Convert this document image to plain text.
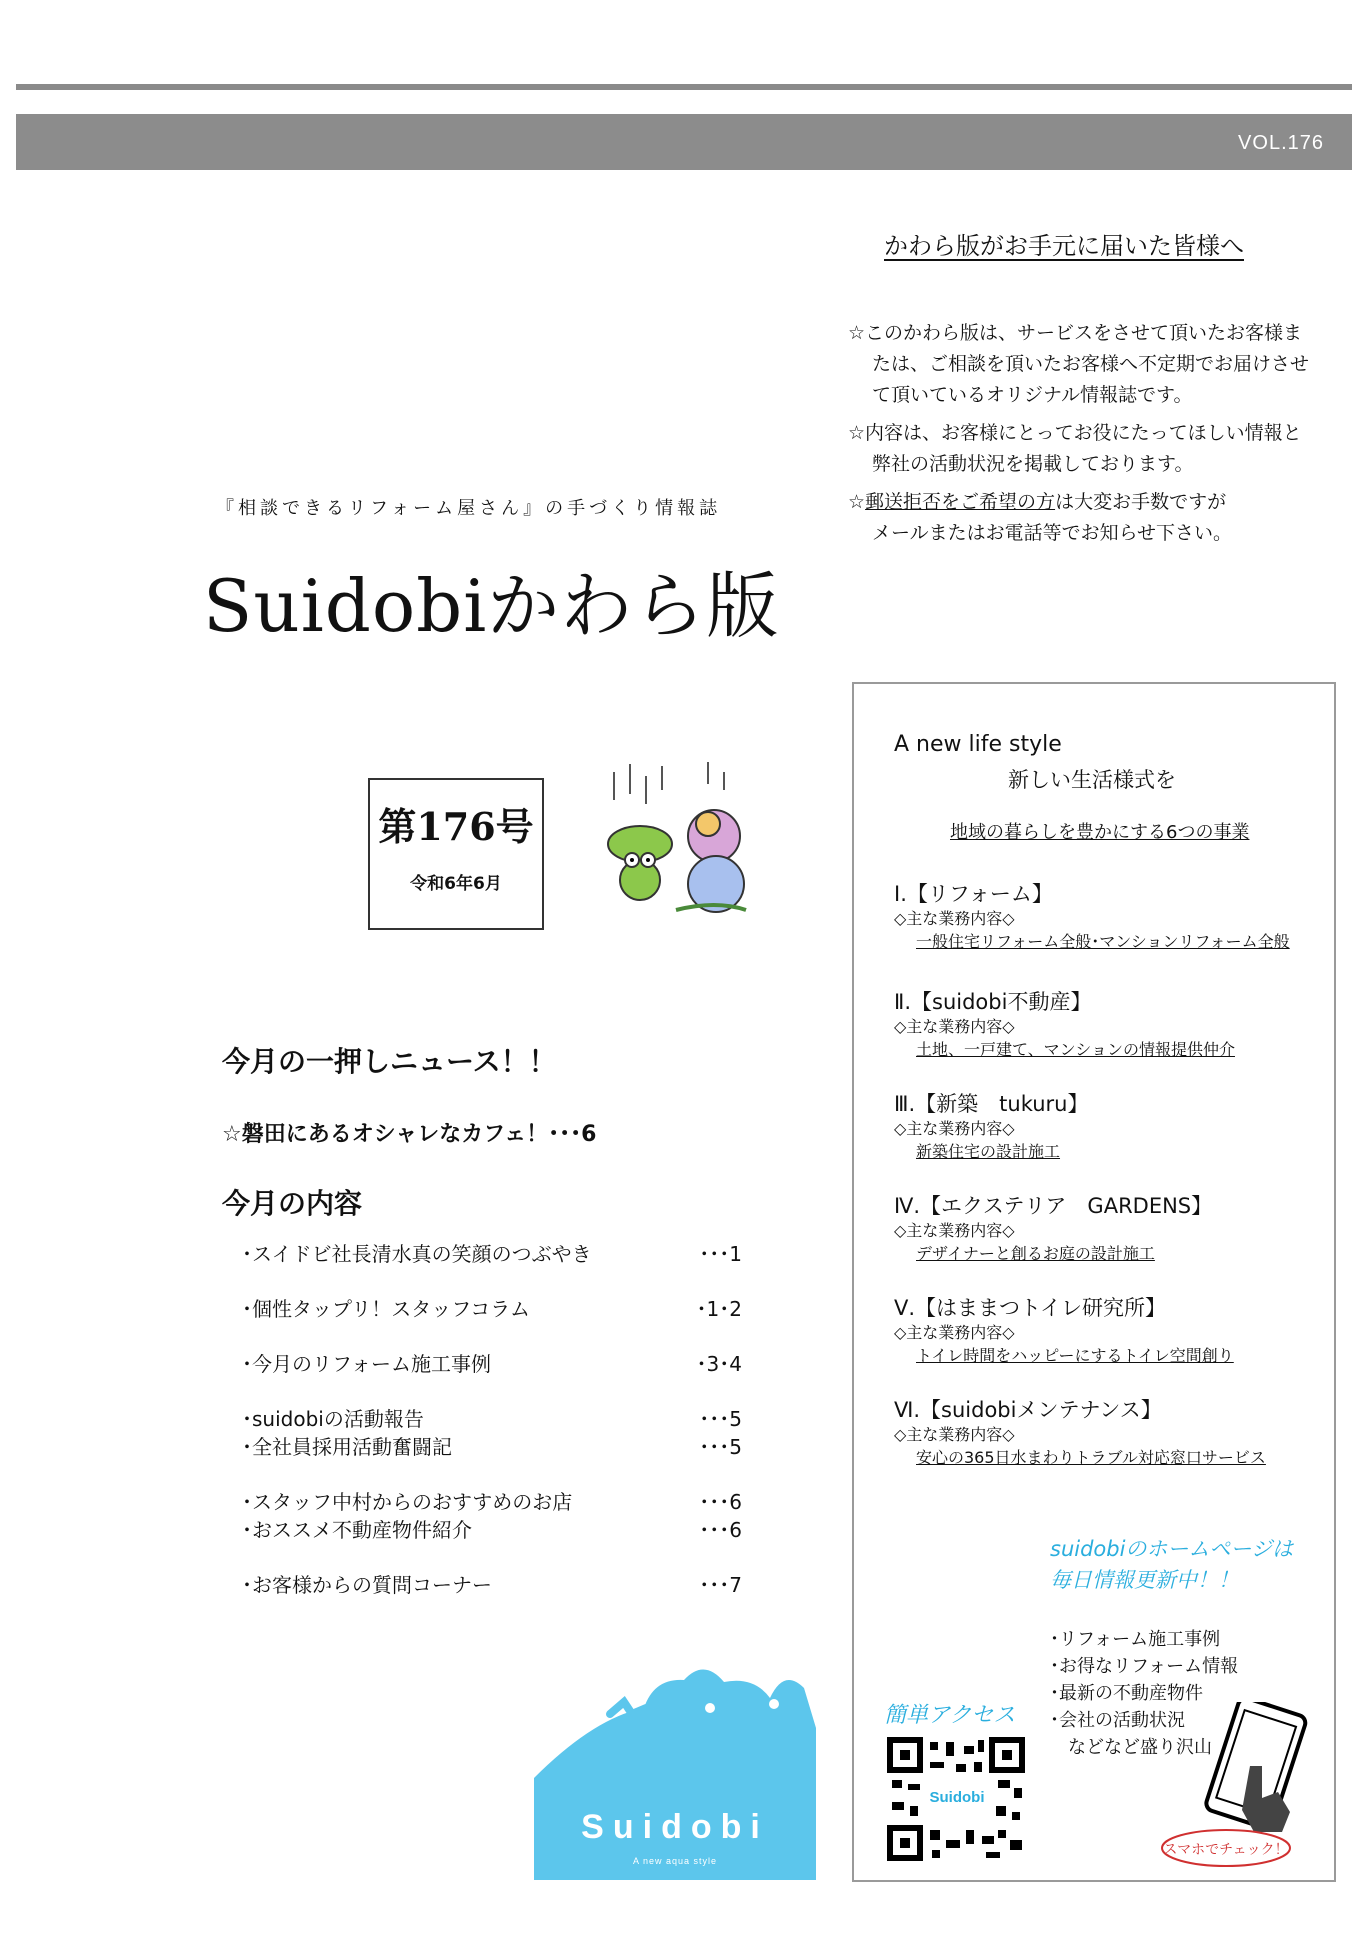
VOL.176
かわら版がお手元に届いた皆様へ

☆このかわら版は、サービスをさせて頂いたお客様または、ご相談を頂いたお客様へ不定期でお届けさせて頂いているオリジナル情報誌です。

☆内容は、お客様にとってお役にたってほしい情報と弊社の活動状況を掲載しております。

☆郵送拒否をご希望の方は大変お手数ですが
メールまたはお電話等でお知らせ下さい。

『相談できるリフォーム屋さん』の手づくり情報誌
Suidobiかわら版
第176号
令和6年6月
今月の一押しニュース！！
☆磐田にあるオシャレなカフェ！･･･6
今月の内容
･スイドビ社長清水真の笑顔のつぶやき	･･･1
･個性タップリ！スタッフコラム	･1･2
･今月のリフォーム施工事例	･3･4
･suidobiの活動報告	･･･5
･全社員採用活動奮闘記	･･･5
･スタッフ中村からのおすすめのお店	･･･6
･おススメ不動産物件紹介	･･･6
･お客様からの質問コーナー	･･･7
Suidobi
A new aqua style
A new life style
新しい生活様式を
地域の暮らしを豊かにする6つの事業
Ⅰ.【リフォーム】
◇主な業務内容◇
一般住宅リフォーム全般･マンションリフォーム全般
Ⅱ.【suidobi不動産】
◇主な業務内容◇
土地、一戸建て、マンションの情報提供仲介
Ⅲ.【新築　tukuru】
◇主な業務内容◇
新築住宅の設計施工
Ⅳ.【エクステリア　GARDENS】
◇主な業務内容◇
デザイナーと創るお庭の設計施工
Ⅴ.【はままつトイレ研究所】
◇主な業務内容◇
トイレ時間をハッピーにするトイレ空間創り
Ⅵ.【suidobiメンテナンス】
◇主な業務内容◇
安心の365日水まわりトラブル対応窓口サービス
suidobiのホームページは
毎日情報更新中！！
･リフォーム施工事例
･お得なリフォーム情報
･最新の不動産物件
･会社の活動状況
　などなど盛り沢山
簡単アクセス
Suidobi
スマホでチェック！
